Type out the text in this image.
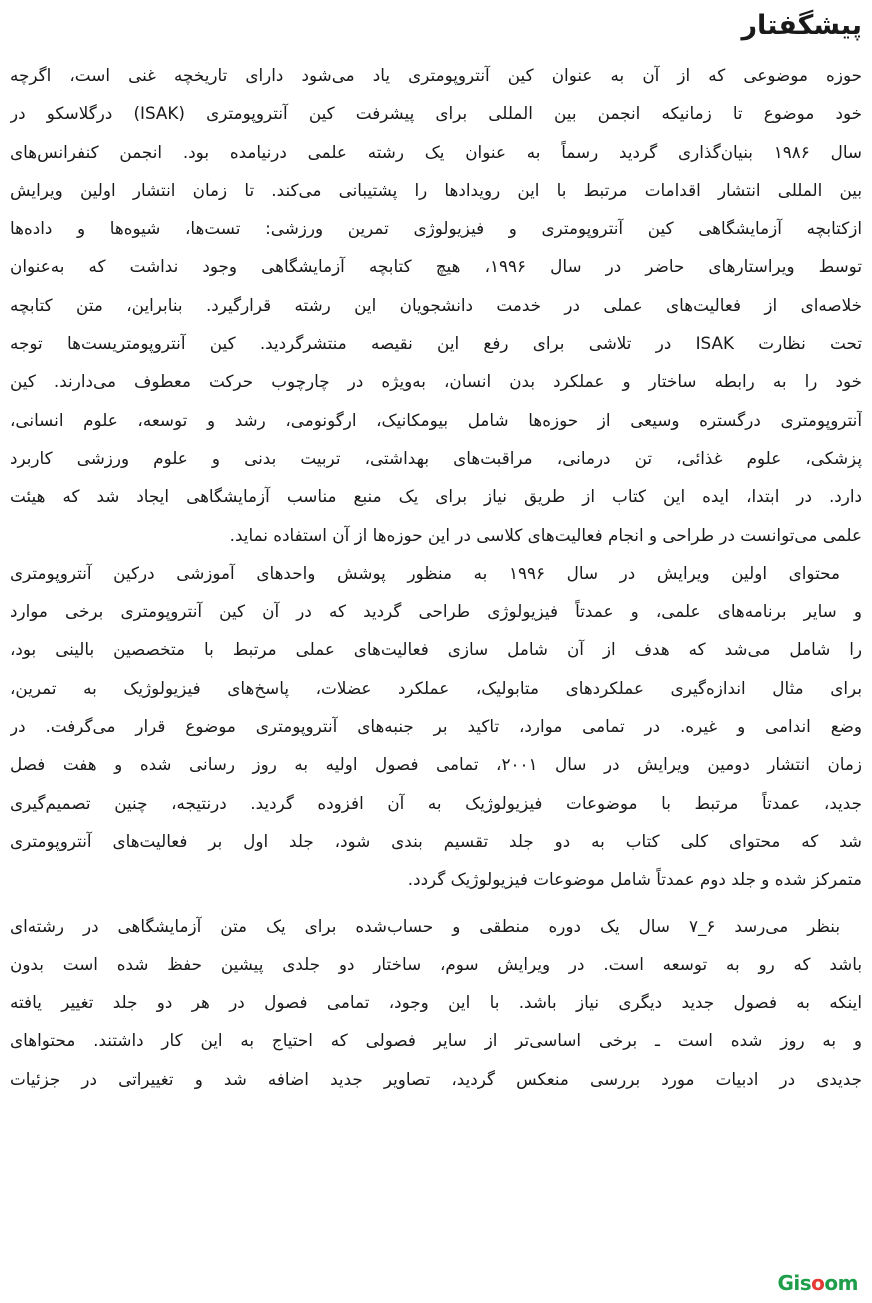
پیشگفتار
حوزه موضوعی که از آن به عنوان کین آنتروپومتری یاد می‌شود دارای تاریخچه غنی است، اگرچه
خود موضوع تا زمانیکه انجمن بین المللی برای پیشرفت کین آنتروپومتری (ISAK) درگلاسکو در
سال ۱۹۸۶ بنیان‌گذاری گردید رسماً به عنوان یک رشته علمی درنیامده بود. انجمن کنفرانس‌های
بین المللی انتشار اقدامات مرتبط با این رویدادها را پشتیبانی می‌کند. تا زمان انتشار اولین ویرایش
ازکتابچه آزمایشگاهی کین آنتروپومتری و فیزیولوژی تمرین ورزشی: تست‌ها، شیوه‌ها و داده‌ها
توسط ویراستارهای حاضر در سال ۱۹۹۶، هیچ کتابچه آزمایشگاهی وجود نداشت که به‌عنوان
خلاصه‌ای از فعالیت‌های عملی در خدمت دانشجویان این رشته قرار‌گیرد. بنابراین، متن کتابچه
تحت نظارت ISAK در تلاشی برای رفع این نقیصه منتشرگردید. کین آنتروپومتریست‌ها توجه
خود را به رابطه ساختار و عملکرد بدن انسان، به‌ویژه در چارچوب حرکت معطوف می‌دارند. کین
آنتروپومتری درگستره وسیعی از حوزه‌ها شامل بیومکانیک، ارگونومی، رشد و توسعه، علوم انسانی،
پزشکی، علوم غذائی، تن درمانی، مراقبت‌های بهداشتی، تربیت بدنی و علوم ورزشی کاربرد
دارد. در ابتدا، ایده این کتاب از طریق نیاز برای یک منبع مناسب آزمایشگاهی ایجاد شد که هیئت
علمی می‌توانست در طراحی و انجام فعالیت‌های کلاسی در این حوزه‌ها از آن استفاده نماید.
محتوای اولین ویرایش در سال ۱۹۹۶ به منظور پوشش واحدهای آموزشی درکین آنتروپومتری
و سایر برنامه‌های علمی، و عمدتاً فیزیولوژی طراحی گردید که در آن کین آنتروپومتری برخی موارد
را شامل می‌شد که هدف از آن شامل سازی فعالیت‌های عملی مرتبط با متخصصین بالینی بود،
برای مثال اندازه‌گیری عملکردهای متابولیک، عملکرد عضلات، پاسخ‌های فیزیولوژیک به تمرین،
وضع اندامی و غیره. در تمامی موارد، تاکید بر جنبه‌های آنتروپومتری موضوع قرار می‌گرفت. در
زمان انتشار دومین ویرایش در سال ۲۰۰۱، تمامی فصول اولیه به روز رسانی شده و هفت فصل
جدید، عمدتاً مرتبط با موضوعات فیزیولوژیک به آن افزوده گردید. درنتیجه، چنین تصمیم‌گیری
شد که محتوای کلی کتاب به دو جلد تقسیم بندی شود، جلد اول بر فعالیت‌های آنتروپومتری
متمرکز شده و جلد دوم عمدتاً شامل موضوعات فیزیولوژیک گردد.
بنظر می‌رسد ۶_۷ سال یک دوره منطقی و حساب‌شده برای یک متن آزمایشگاهی در رشته‌ای
باشد که رو به توسعه است. در ویرایش سوم، ساختار دو جلدی پیشین حفظ شده است بدون
اینکه به فصول جدید دیگری نیاز باشد. با این وجود، تمامی فصول در هر دو جلد تغییر یافته
و به روز شده است ـ برخی اساسی‌تر از سایر فصولی که احتیاج به این کار داشتند. محتواهای
جدیدی در ادبیات مورد بررسی منعکس گردید، تصاویر جدید اضافه شد و تغییراتی در جزئیات
Gisoom
